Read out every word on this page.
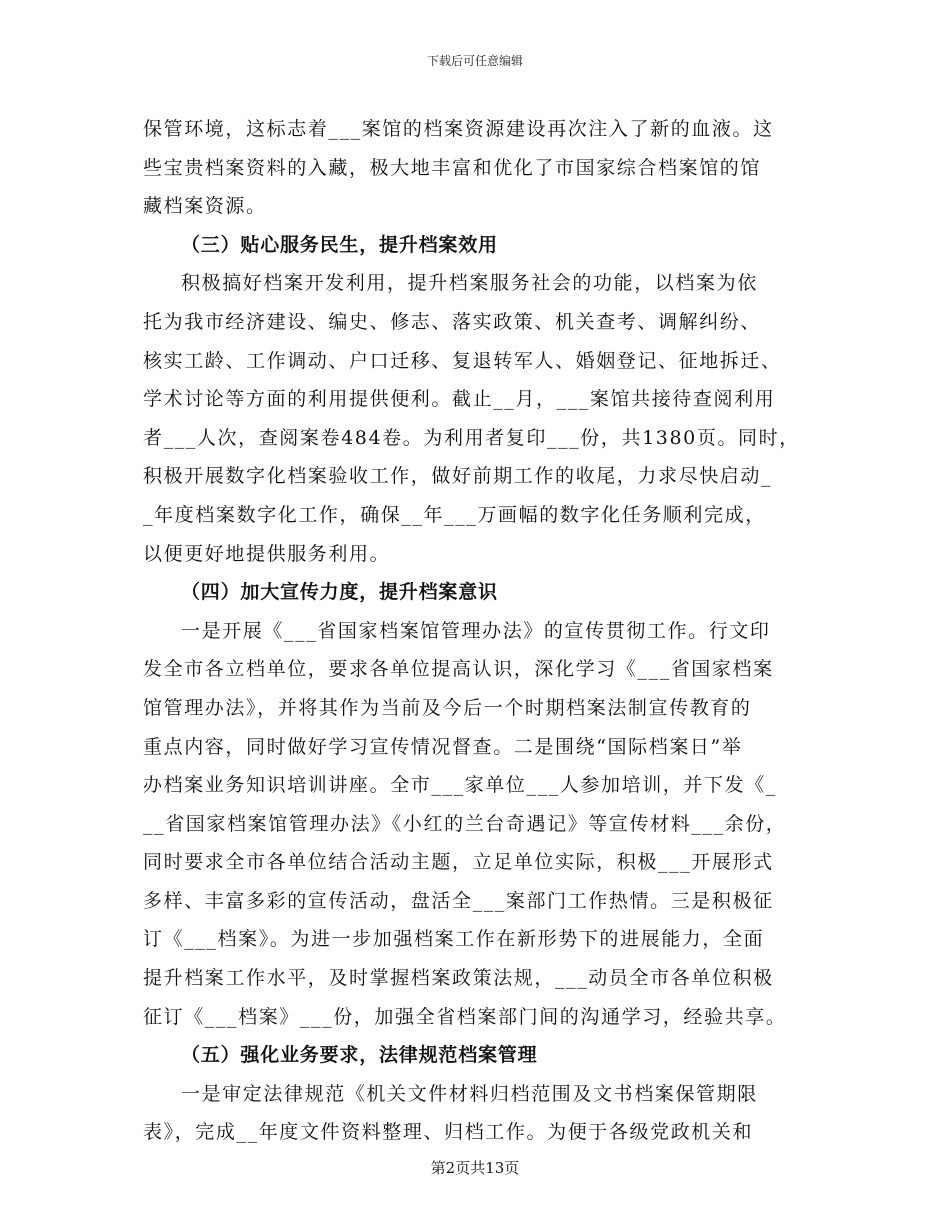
下载后可任意编辑
保管环境，这标志着___案馆的档案资源建设再次注入了新的血液。这
些宝贵档案资料的入藏，极大地丰富和优化了市国家综合档案馆的馆
藏档案资源。
（三）贴心服务民生，提升档案效用
积极搞好档案开发利用，提升档案服务社会的功能，以档案为依
托为我市经济建设、编史、修志、落实政策、机关查考、调解纠纷、
核实工龄、工作调动、户口迁移、复退转军人、婚姻登记、征地拆迁、
学术讨论等方面的利用提供便利。截止__月，___案馆共接待查阅利用
者___人次，查阅案卷484卷。为利用者复印___份，共1380页。同时，
积极开展数字化档案验收工作，做好前期工作的收尾，力求尽快启动_
_年度档案数字化工作，确保__年___万画幅的数字化任务顺利完成，
以便更好地提供服务利用。
（四）加大宣传力度，提升档案意识
一是开展《___省国家档案馆管理办法》的宣传贯彻工作。行文印
发全市各立档单位，要求各单位提高认识，深化学习《___省国家档案
馆管理办法》，并将其作为当前及今后一个时期档案法制宣传教育的
重点内容，同时做好学习宣传情况督查。二是围绕“国际档案日”举
办档案业务知识培训讲座。全市___家单位___人参加培训，并下发《_
__省国家档案馆管理办法》《小红的兰台奇遇记》等宣传材料___余份，
同时要求全市各单位结合活动主题，立足单位实际，积极___开展形式
多样、丰富多彩的宣传活动，盘活全___案部门工作热情。三是积极征
订《___档案》。为进一步加强档案工作在新形势下的进展能力，全面
提升档案工作水平，及时掌握档案政策法规，___动员全市各单位积极
征订《___档案》___份，加强全省档案部门间的沟通学习，经验共享。
（五）强化业务要求，法律规范档案管理
一是审定法律规范《机关文件材料归档范围及文书档案保管期限
表》，完成__年度文件资料整理、归档工作。为便于各级党政机关和
第2页共13页
